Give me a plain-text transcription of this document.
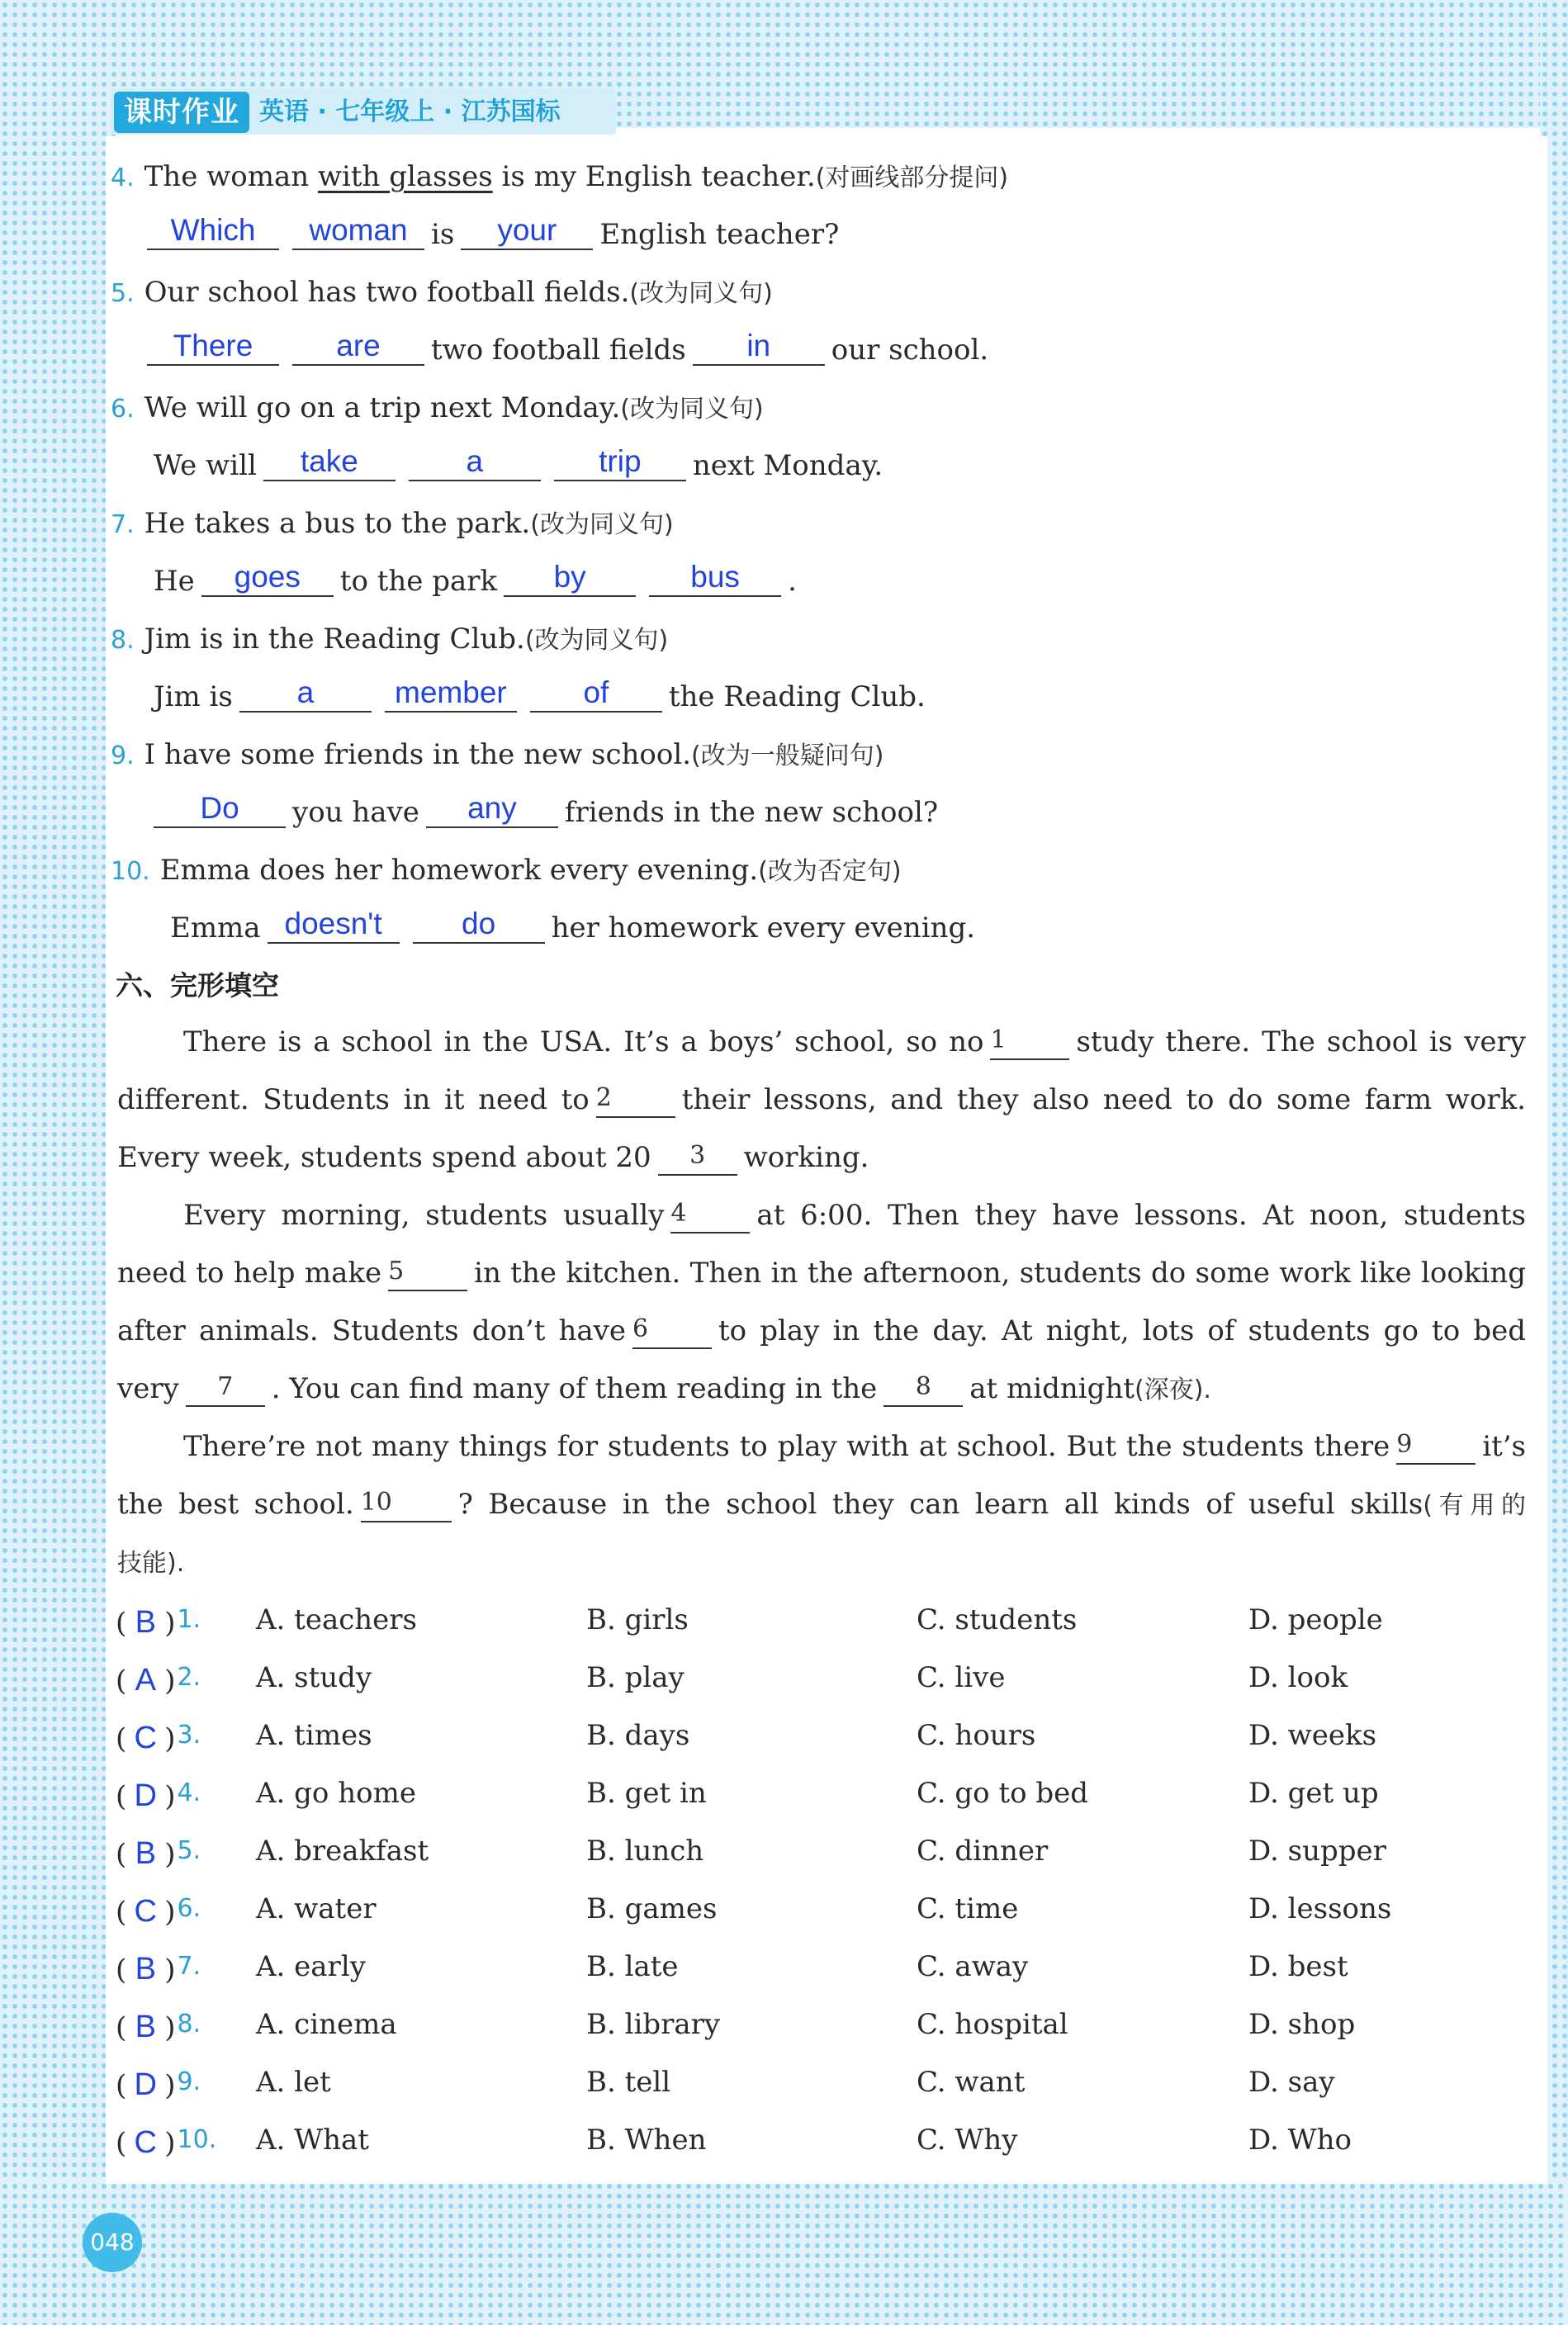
课时作业 英语 · 七年级上 · 江苏国标
4. The woman with glasses is my English teacher.(对画线部分提问)
Which woman is your English teacher?
5. Our school has two football fields.(改为同义句)
There	are two football fields in our school.
6. We will go on a trip next Monday.(改为同义句)
We will take	a	trip next Monday.
7. He takes a bus to the park.(改为同义句)
He goes to the park by	bus .
8. Jim is in the Reading Club.(改为同义句)
Jim is a	member	of the Reading Club.
9. I have some friends in the new school.(改为一般疑问句)
Do you have any friends in the new school?
10. Emma does her homework every evening.(改为否定句)
Emma doesn't	do her homework every evening.
六、完形填空
There is a school in the USA. It’s a boys’ school, so no 1 study there. The school is very
different. Students in it need to 2 their lessons, and they also need to do some farm work.
Every week, students spend about 20 3 working.
Every morning, students usually 4 at 6:00. Then they have lessons. At noon, students
need to help make 5 in the kitchen. Then in the afternoon, students do some work like looking
after animals. Students don’t have 6 to play in the day. At night, lots of students go to bed
very 7 . You can find many of them reading in the 8 at midnight(深夜).
There’re not many things for students to play with at school. But the students there 9 it’s
the best school. 10 ? Because in the school they can learn all kinds of useful skills(有用的
技能).
( B )1. A. teachers	B. girls	C. students	D. people
( A )2. A. study	B. play	C. live	D. look
( C )3. A. times	B. days	C. hours	D. weeks
( D )4. A. go home	B. get in	C. go to bed	D. get up
( B )5. A. breakfast	B. lunch	C. dinner	D. supper
( C )6. A. water	B. games	C. time	D. lessons
( B )7. A. early	B. late	C. away	D. best
( B )8. A. cinema	B. library	C. hospital	D. shop
( D )9. A. let	B. tell	C. want	D. say
( C )10. A. What	B. When	C. Why	D. Who
048
